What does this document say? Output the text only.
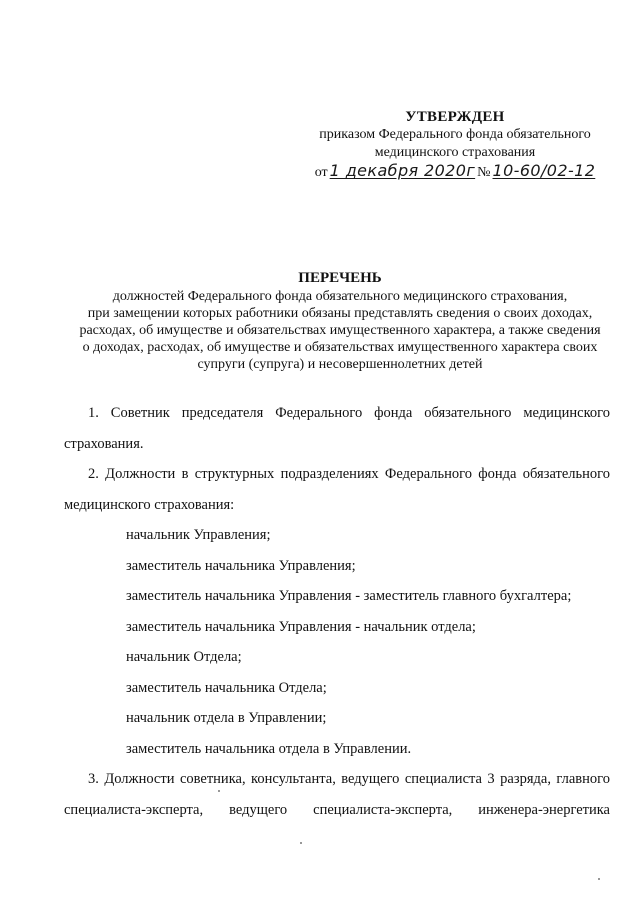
УТВЕРЖДЕН
приказом Федерального фонда обязательного
медицинского страхования
от 1 декабря 2020г № 10-60/02-12
ПЕРЕЧЕНЬ
должностей Федерального фонда обязательного медицинского страхования,
при замещении которых работники обязаны представлять сведения о своих доходах,
расходах, об имуществе и обязательствах имущественного характера, а также сведения
о доходах, расходах, об имуществе и обязательствах имущественного характера своих
супруги (супруга) и несовершеннолетних детей

1. Советник председателя Федерального фонда обязательного медицинского страхования.

2. Должности в структурных подразделениях Федерального фонда обязательного медицинского страхования:

начальник Управления;

заместитель начальника Управления;

заместитель начальника Управления - заместитель главного бухгалтера;

заместитель начальника Управления - начальник отдела;

начальник Отдела;

заместитель начальника Отдела;

начальник отдела в Управлении;

заместитель начальника отдела в Управлении.

3. Должности советника, консультанта, ведущего специалиста 3 разряда, главного специалиста-эксперта, ведущего специалиста-эксперта, инженера-энергетика
